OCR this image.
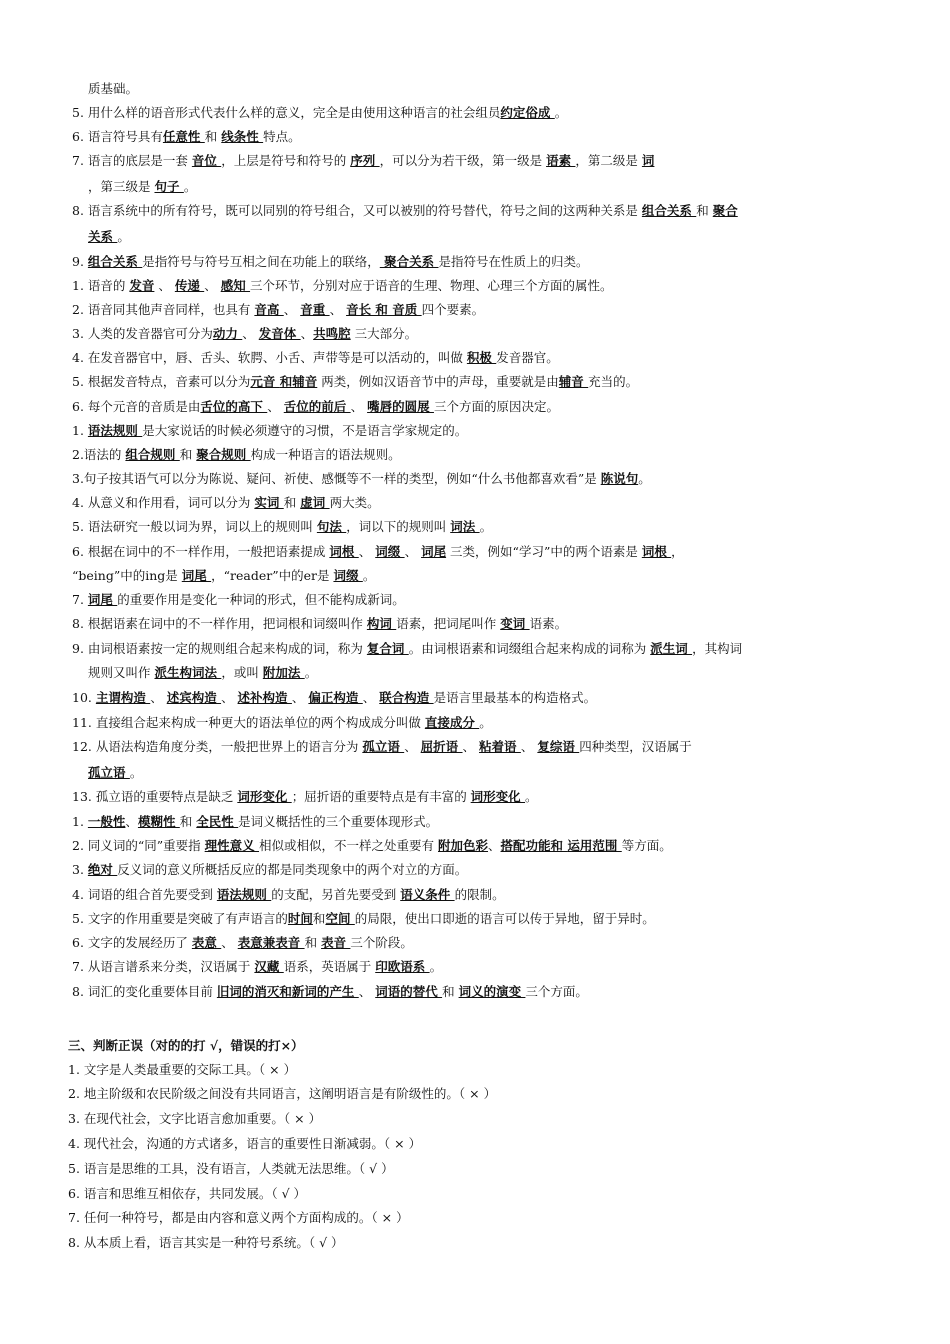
质基础。
5. 用什么样的语音形式代表什么样的意义，完全是由使用这种语言的社会组员约定俗成 。
6. 语言符号具有任意性 和 线条性 特点。
7. 语言的底层是一套 音位 ，上层是符号和符号的 序列 ，可以分为若干级，第一级是 语素 ，第二级是 词
，第三级是 句子 。
8. 语言系统中的所有符号，既可以同别的符号组合，又可以被别的符号替代，符号之间的这两种关系是 组合关系 和 聚合
关系 。
9. 组合关系 是指符号与符号互相之间在功能上的联络， 聚合关系 是指符号在性质上的归类。
1. 语音的 发音 、 传递 、 感知 三个环节，分别对应于语音的生理、物理、心理三个方面的属性。
2. 语音同其他声音同样，也具有 音高 、 音重 、 音长 和 音质 四个要素。
3. 人类的发音器官可分为动力 、 发音体 、共鸣腔 三大部分。
4. 在发音器官中，唇、舌头、软腭、小舌、声带等是可以活动的，叫做 积极 发音器官。
5. 根据发音特点，音素可以分为元音 和辅音 两类，例如汉语音节中的声母，重要就是由辅音 充当的。
6. 每个元音的音质是由舌位的高下 、 舌位的前后 、 嘴唇的圆展 三个方面的原因决定。
1. 语法规则 是大家说话的时候必须遵守的习惯，不是语言学家规定的。
2.语法的 组合规则 和 聚合规则 构成一种语言的语法规则。
3.句子按其语气可以分为陈说、疑问、祈使、感慨等不一样的类型，例如“什么书他都喜欢看”是 陈说句。
4. 从意义和作用看，词可以分为 实词 和 虚词 两大类。
5. 语法研究一般以词为界，词以上的规则叫 句法 ，词以下的规则叫 词法 。
6. 根据在词中的不一样作用，一般把语素提成 词根 、 词缀 、 词尾 三类，例如“学习”中的两个语素是 词根 ，
“being”中的ing是 词尾 ，“reader”中的er是 词缀 。
7. 词尾 的重要作用是变化一种词的形式，但不能构成新词。
8. 根据语素在词中的不一样作用，把词根和词缀叫作 构词 语素，把词尾叫作 变词 语素。
9. 由词根语素按一定的规则组合起来构成的词，称为 复合词 。由词根语素和词缀组合起来构成的词称为 派生词 ，其构词
规则又叫作 派生构词法 ，或叫 附加法 。
10. 主谓构造 、 述宾构造 、 述补构造 、 偏正构造 、 联合构造 是语言里最基本的构造格式。
11. 直接组合起来构成一种更大的语法单位的两个构成成分叫做 直接成分 。
12. 从语法构造角度分类，一般把世界上的语言分为 孤立语 、 屈折语 、 粘着语 、 复综语 四种类型，汉语属于
孤立语 。
13. 孤立语的重要特点是缺乏 词形变化 ；屈折语的重要特点是有丰富的 词形变化 。
1. 一般性、模糊性 和 全民性 是词义概括性的三个重要体现形式。
2. 同义词的“同”重要指 理性意义 相似或相似，不一样之处重要有 附加色彩、搭配功能和 运用范围 等方面。
3. 绝对 反义词的意义所概括反应的都是同类现象中的两个对立的方面。
4. 词语的组合首先要受到 语法规则 的支配，另首先要受到 语义条件 的限制。
5. 文字的作用重要是突破了有声语言的时间和空间 的局限，使出口即逝的语言可以传于异地，留于异时。
6. 文字的发展经历了 表意 、 表意兼表音 和 表音 三个阶段。
7. 从语言谱系来分类，汉语属于 汉藏 语系，英语属于 印欧语系 。
8. 词汇的变化重要体目前 旧词的消灭和新词的产生 、 词语的替代 和 词义的演变 三个方面。
三、判断正误（对的的打 √，错误的打×）
1. 文字是人类最重要的交际工具。（ × ）
2. 地主阶级和农民阶级之间没有共同语言，这阐明语言是有阶级性的。（ × ）
3. 在现代社会，文字比语言愈加重要。（ × ）
4. 现代社会，沟通的方式诸多，语言的重要性日渐减弱。（ × ）
5. 语言是思维的工具，没有语言，人类就无法思维。（ √ ）
6. 语言和思维互相依存，共同发展。（ √ ）
7. 任何一种符号，都是由内容和意义两个方面构成的。（ × ）
8. 从本质上看，语言其实是一种符号系统。（ √ ）
